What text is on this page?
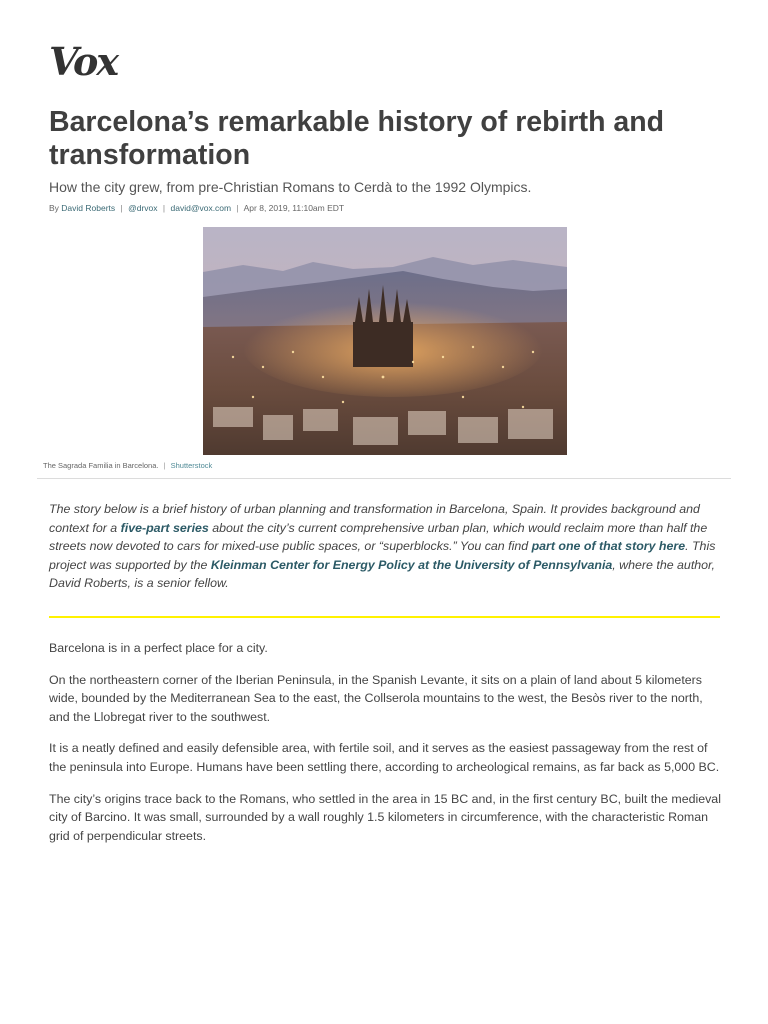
Vox
Barcelona’s remarkable history of rebirth and transformation

How the city grew, from pre-Christian Romans to Cerdà to the 1992 Olympics.

By David Roberts | @drvox | david@vox.com | Apr 8, 2019, 11:10am EDT
The Sagrada Familia in Barcelona. | Shutterstock

The story below is a brief history of urban planning and transformation in Barcelona, Spain. It provides background and context for a five-part series about the city’s current comprehensive urban plan, which would reclaim more than half the streets now devoted to cars for mixed-use public spaces, or “superblocks.” You can find part one of that story here. This project was supported by the Kleinman Center for Energy Policy at the University of Pennsylvania, where the author, David Roberts, is a senior fellow.

Barcelona is in a perfect place for a city.

On the northeastern corner of the Iberian Peninsula, in the Spanish Levante, it sits on a plain of land about 5 kilometers wide, bounded by the Mediterranean Sea to the east, the Collserola mountains to the west, the Besòs river to the north, and the Llobregat river to the southwest.

It is a neatly defined and easily defensible area, with fertile soil, and it serves as the easiest passageway from the rest of the peninsula into Europe. Humans have been settling there, according to archeological remains, as far back as 5,000 BC.

The city’s origins trace back to the Romans, who settled in the area in 15 BC and, in the first century BC, built the medieval city of Barcino. It was small, surrounded by a wall roughly 1.5 kilometers in circumference, with the characteristic Roman grid of perpendicular streets.
